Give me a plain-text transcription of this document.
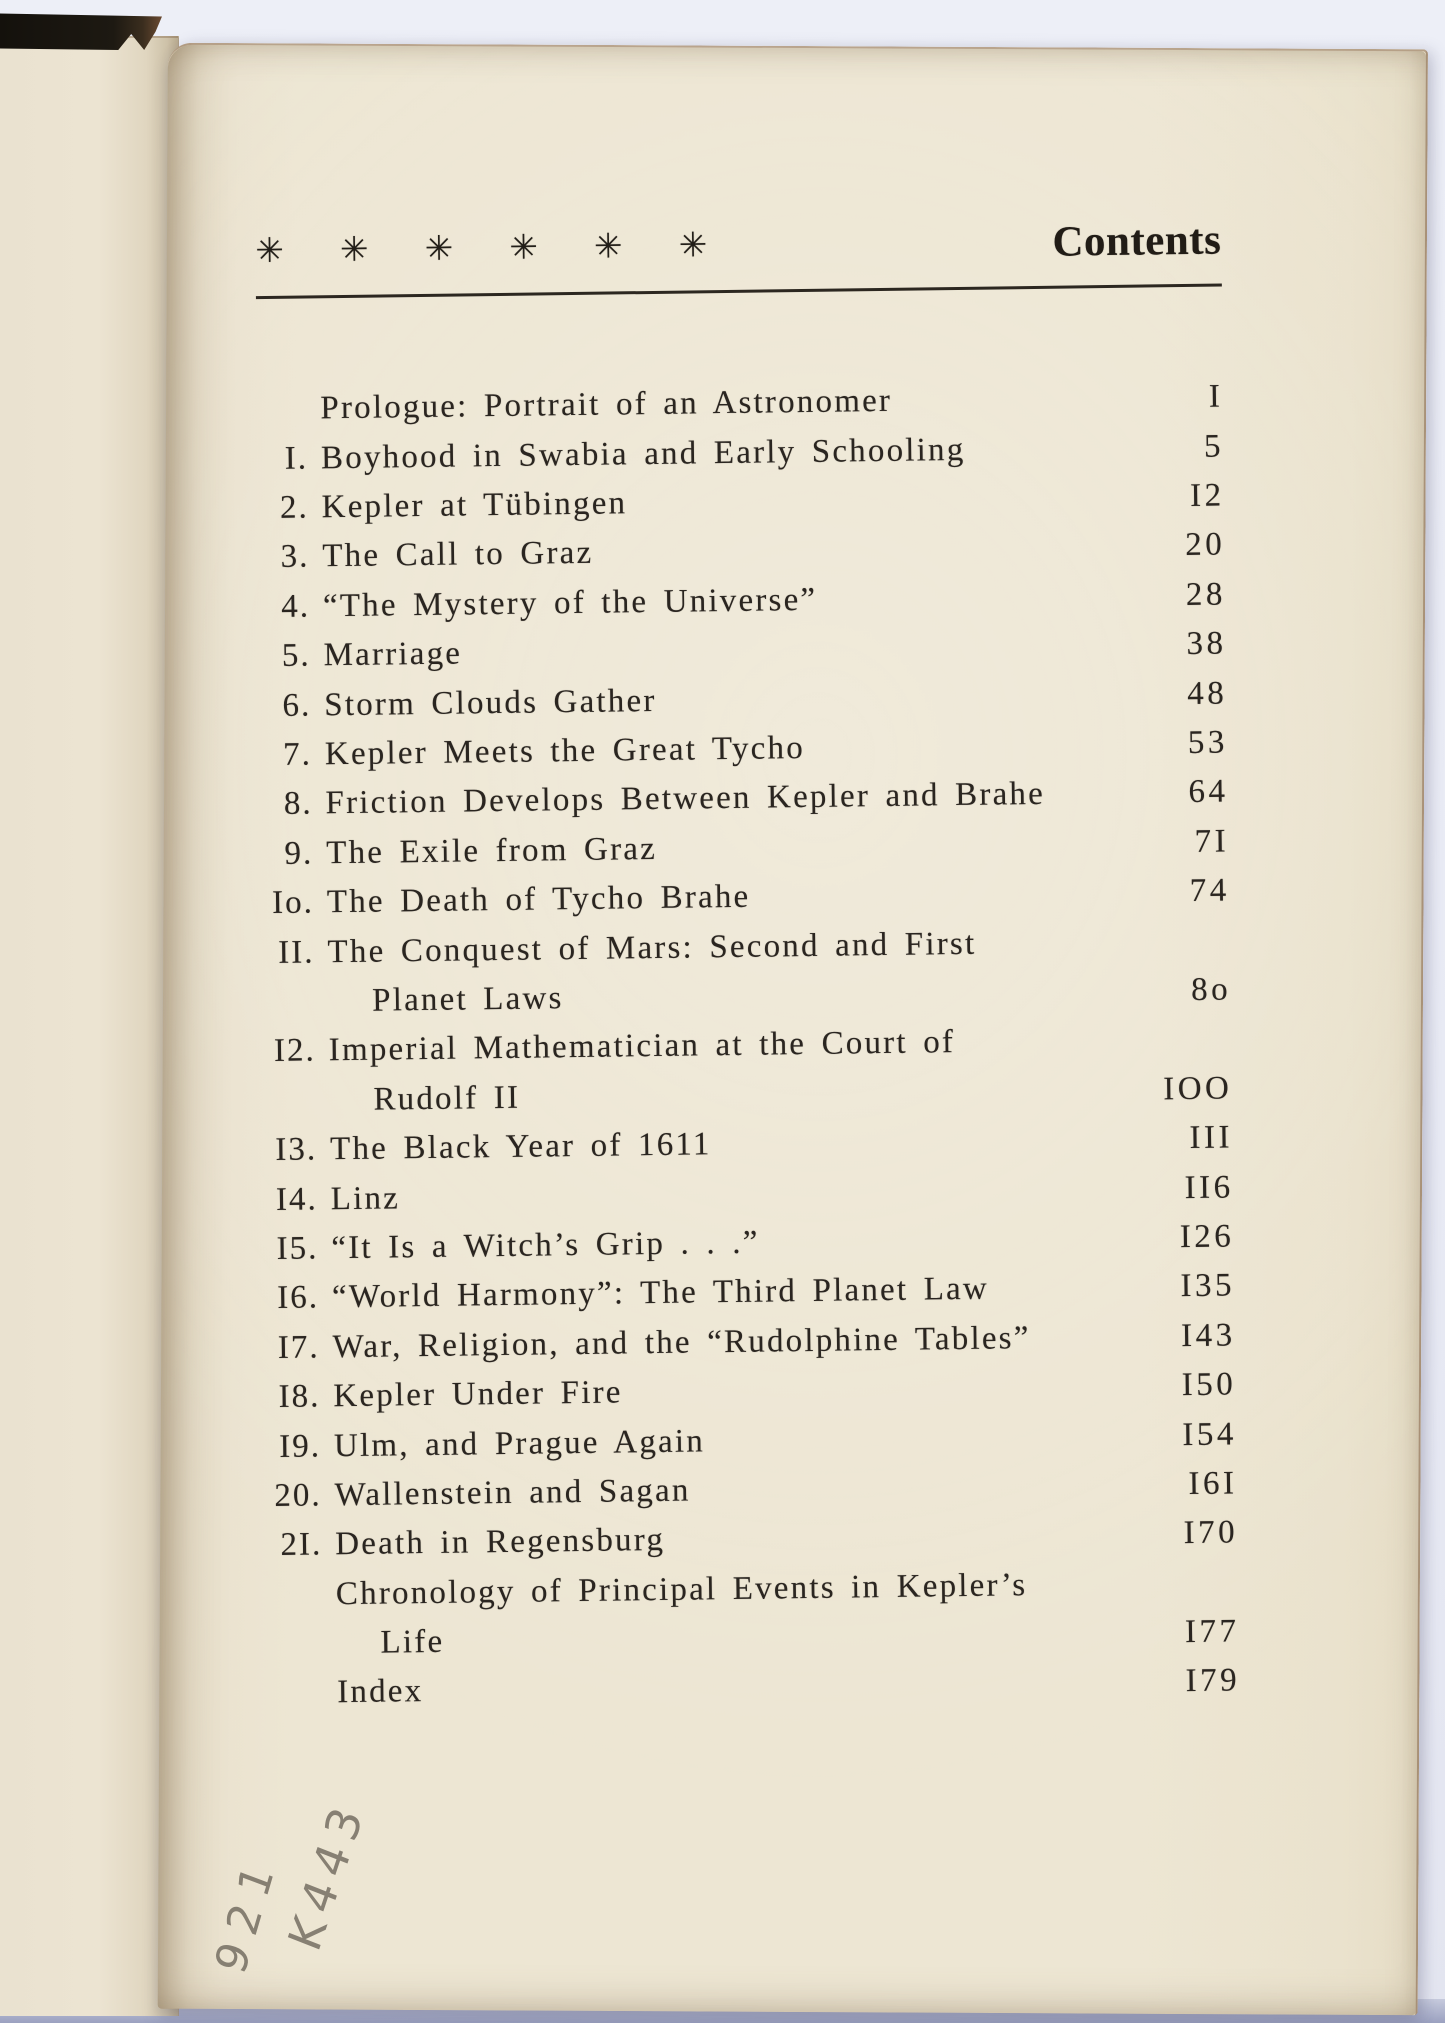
✳ ✳ ✳ ✳ ✳ ✳	Contents
Prologue: Portrait of an Astronomer	I
I. Boyhood in Swabia and Early Schooling	5
2. Kepler at Tübingen	I2
3. The Call to Graz	20
4. “The Mystery of the Universe”	28
5. Marriage	38
6. Storm Clouds Gather	48
7. Kepler Meets the Great Tycho	53
8. Friction Develops Between Kepler and Brahe	64
9. The Exile from Graz	7I
Io. The Death of Tycho Brahe	74
II. The Conquest of Mars: Second and First
Planet Laws	8o
I2. Imperial Mathematician at the Court of
Rudolf II	IOO
I3. The Black Year of 1611	III
I4. Linz	II6
I5. “It Is a Witch’s Grip . . .”	I26
I6. “World Harmony”: The Third Planet Law	I35
I7. War, Religion, and the “Rudolphine Tables”	I43
I8. Kepler Under Fire	I50
I9. Ulm, and Prague Again	I54
20. Wallenstein and Sagan	I6I
2I. Death in Regensburg	I70
Chronology of Principal Events in Kepler’s
Life	I77
Index	I79
921
K443
